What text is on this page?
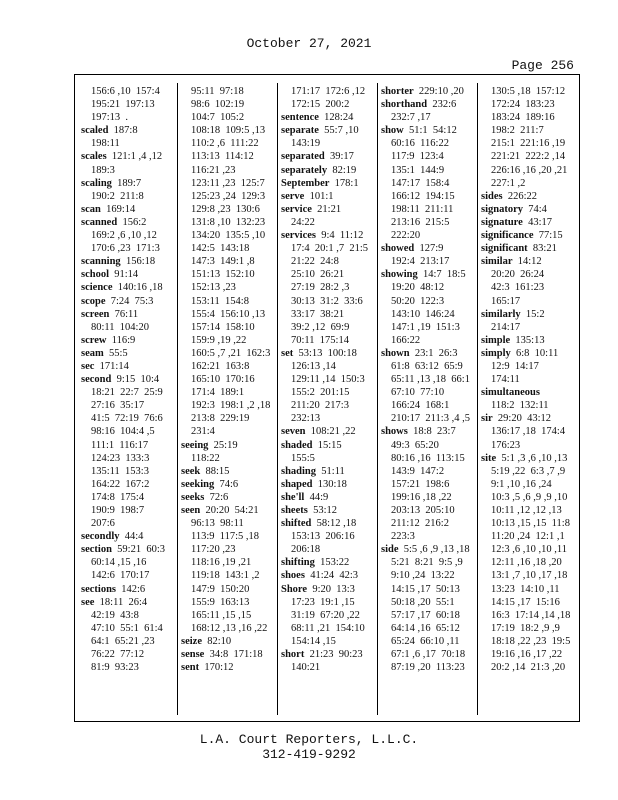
October 27, 2021
Page 256
156:6 ,10  157:4
195:21  197:13
197:13  .
scaled 187:8
198:11
scales 121:1 ,4 ,12
189:3
scaling 189:7
190:2  211:8
scan 169:14
scanned 156:2
169:2 ,6 ,10 ,12
170:6 ,23  171:3
scanning 156:18
school 91:14
science 140:16 ,18
scope 7:24  75:3
screen 76:11
80:11  104:20
screw 116:9
seam 55:5
sec 171:14
second 9:15  10:4
18:21  22:7  25:9
27:16  35:17
41:5  72:19  76:6
98:16  104:4 ,5
111:1  116:17
124:23  133:3
135:11  153:3
164:22  167:2
174:8  175:4
190:9  198:7
207:6
secondly 44:4
section 59:21  60:3
60:14 ,15 ,16
142:6  170:17
sections 142:6
see 18:11  26:4
42:19  43:8
47:10  55:1  61:4
64:1  65:21 ,23
76:22  77:12
81:9  93:23
95:11  97:18
98:6  102:19
104:7  105:2
108:18  109:5 ,13
110:2 ,6  111:22
113:13  114:12
116:21 ,23
123:11 ,23  125:7
125:23 ,24  129:3
129:8 ,23  130:6
131:8 ,10  132:23
134:20  135:5 ,10
142:5  143:18
147:3  149:1 ,8
151:13  152:10
152:13 ,23
153:11  154:8
155:4  156:10 ,13
157:14  158:10
159:9 ,19 ,22
160:5 ,7 ,21  162:3
162:21  163:8
165:10  170:16
171:4  189:1
192:3  198:1 ,2 ,18
213:8  229:19
231:4
seeing 25:19
118:22
seek 88:15
seeking 74:6
seeks 72:6
seen 20:20  54:21
96:13  98:11
113:9  117:5 ,18
117:20 ,23
118:16 ,19 ,21
119:18  143:1 ,2
147:9  150:20
155:9  163:13
165:11 ,15 ,15
168:12 ,13 ,16 ,22
seize 82:10
sense 34:8  171:18
sent 170:12
171:17  172:6 ,12
172:15  200:2
sentence 128:24
separate 55:7 ,10
143:19
separated 39:17
separately 82:19
September 178:1
serve 101:1
service 21:21
24:22
services 9:4  11:12
17:4  20:1 ,7  21:5
21:22  24:8
25:10  26:21
27:19  28:2 ,3
30:13  31:2  33:6
33:17  38:21
39:2 ,12  69:9
70:11  175:14
set 53:13  100:18
126:13 ,14
129:11 ,14  150:3
155:2  201:15
211:20  217:3
232:13
seven 108:21 ,22
shaded 15:15
155:5
shading 51:11
shaped 130:18
she'll 44:9
sheets 53:12
shifted 58:12 ,18
153:13  206:16
206:18
shifting 153:22
shoes 41:24  42:3
Shore 9:20  13:3
17:23  19:1 ,15
31:19  67:20 ,22
68:11 ,21  154:10
154:14 ,15
short 21:23  90:23
140:21
shorter 229:10 ,20
shorthand 232:6
232:7 ,17
show 51:1  54:12
60:16  116:22
117:9  123:4
135:1  144:9
147:17  158:4
166:12  194:15
198:11  211:11
213:16  215:5
222:20
showed 127:9
192:4  213:17
showing 14:7  18:5
19:20  48:12
50:20  122:3
143:10  146:24
147:1 ,19  151:3
166:22
shown 23:1  26:3
61:8  63:12  65:9
65:11 ,13 ,18  66:1
67:10  77:10
166:24  168:1
210:17  211:3 ,4 ,5
shows 18:8  23:7
49:3  65:20
80:16 ,16  113:15
143:9  147:2
157:21  198:6
199:16 ,18 ,22
203:13  205:10
211:12  216:2
223:3
side 5:5 ,6 ,9 ,13 ,18
5:21  8:21  9:5 ,9
9:10 ,24  13:22
14:15 ,17  50:13
50:18 ,20  55:1
57:17 ,17  60:18
64:14 ,16  65:12
65:24  66:10 ,11
67:1 ,6 ,17  70:18
87:19 ,20  113:23
130:5 ,18  157:12
172:24  183:23
183:24  189:16
198:2  211:7
215:1  221:16 ,19
221:21  222:2 ,14
226:16 ,16 ,20 ,21
227:1 ,2
sides 226:22
signatory 74:4
signature 43:17
significance 77:15
significant 83:21
similar 14:12
20:20  26:24
42:3  161:23
165:17
similarly 15:2
214:17
simple 135:13
simply 6:8  10:11
12:9  14:17
174:11
simultaneous
118:2  132:11
sir 29:20  43:12
136:17 ,18  174:4
176:23
site 5:1 ,3 ,6 ,10 ,13
5:19 ,22  6:3 ,7 ,9
9:1 ,10 ,16 ,24
10:3 ,5 ,6 ,9 ,9 ,10
10:11 ,12 ,12 ,13
10:13 ,15 ,15  11:8
11:20 ,24  12:1 ,1
12:3 ,6 ,10 ,10 ,11
12:11 ,16 ,18 ,20
13:1 ,7 ,10 ,17 ,18
13:23  14:10 ,11
14:15 ,17  15:16
16:3  17:14 ,14 ,18
17:19  18:2 ,9 ,9
18:18 ,22 ,23  19:5
19:16 ,16 ,17 ,22
20:2 ,14  21:3 ,20
L.A. Court Reporters, L.L.C.
312-419-9292
